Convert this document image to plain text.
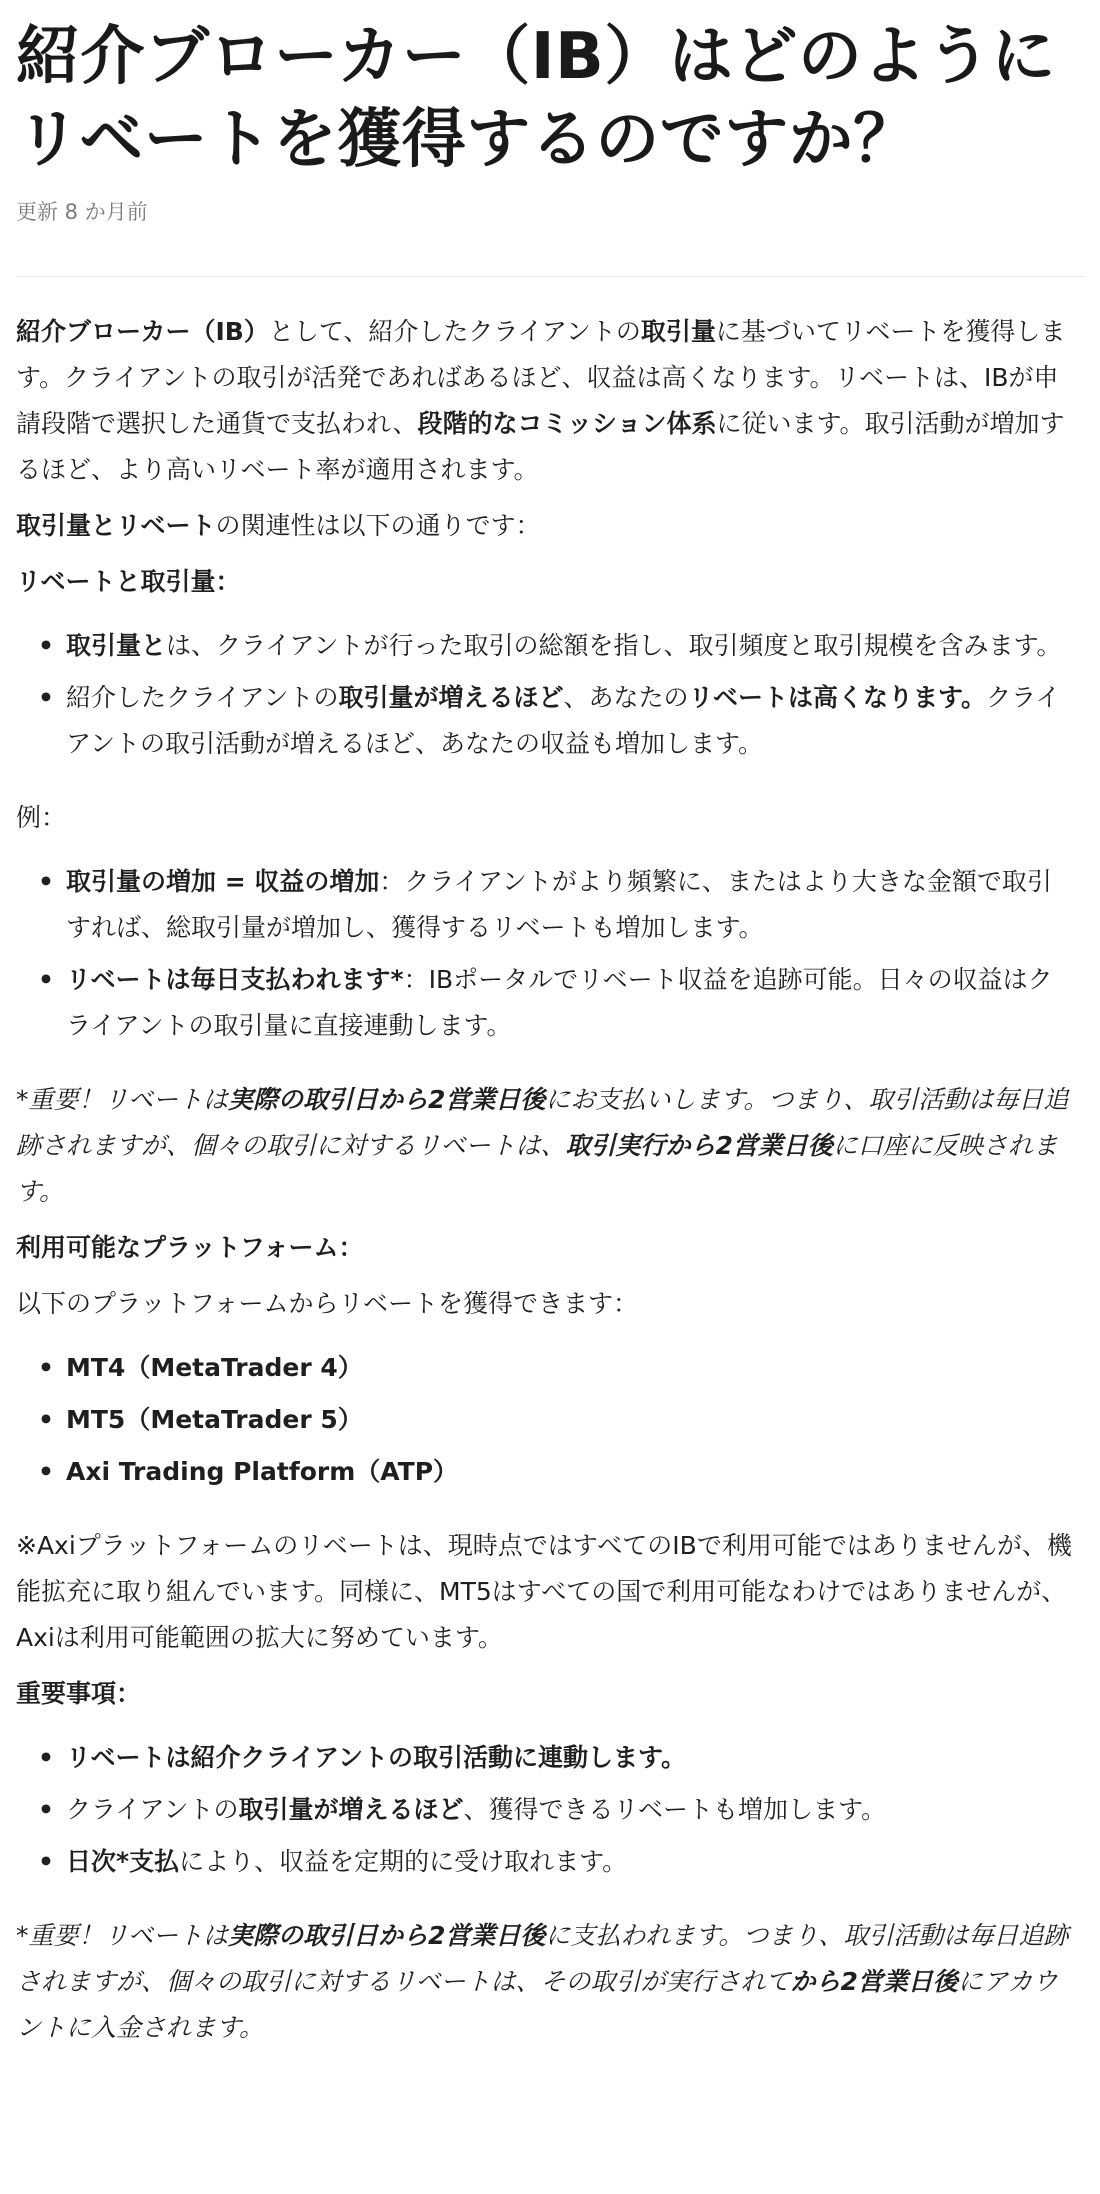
紹介ブローカー（IB）はどのように
リベートを獲得するのですか？
更新 8 か月前

紹介ブローカー（IB）として、紹介したクライアントの取引量に基づいてリベートを獲得します。クライアントの取引が活発であればあるほど、収益は高くなります。リベートは、IBが申請段階で選択した通貨で支払われ、段階的なコミッション体系に従います。取引活動が増加するほど、より高いリベート率が適用されます。

取引量とリベートの関連性は以下の通りです：

リベートと取引量：

• 取引量とは、クライアントが行った取引の総額を指し、取引頻度と取引規模を含みます。
• 紹介したクライアントの取引量が増えるほど、あなたのリベートは高くなります。クライアントの取引活動が増えるほど、あなたの収益も増加します。

例：

• 取引量の増加 = 収益の増加：クライアントがより頻繁に、またはより大きな金額で取引すれば、総取引量が増加し、獲得するリベートも増加します。
• リベートは毎日支払われます*：IBポータルでリベート収益を追跡可能。日々の収益はクライアントの取引量に直接連動します。

*重要！リベートは実際の取引日から2営業日後にお支払いします。つまり、取引活動は毎日追跡されますが、個々の取引に対するリベートは、取引実行から2営業日後に口座に反映されます。

利用可能なプラットフォーム：

以下のプラットフォームからリベートを獲得できます：

• MT4（MetaTrader 4）
• MT5（MetaTrader 5）
• Axi Trading Platform（ATP）

※Axiプラットフォームのリベートは、現時点ではすべてのIBで利用可能ではありませんが、機能拡充に取り組んでいます。同様に、MT5はすべての国で利用可能なわけではありませんが、Axiは利用可能範囲の拡大に努めています。

重要事項：

• リベートは紹介クライアントの取引活動に連動します。
• クライアントの取引量が増えるほど、獲得できるリベートも増加します。
• 日次*支払により、収益を定期的に受け取れます。

*重要！リベートは実際の取引日から2営業日後に支払われます。つまり、取引活動は毎日追跡されますが、個々の取引に対するリベートは、その取引が実行されてから2営業日後にアカウントに入金されます。
